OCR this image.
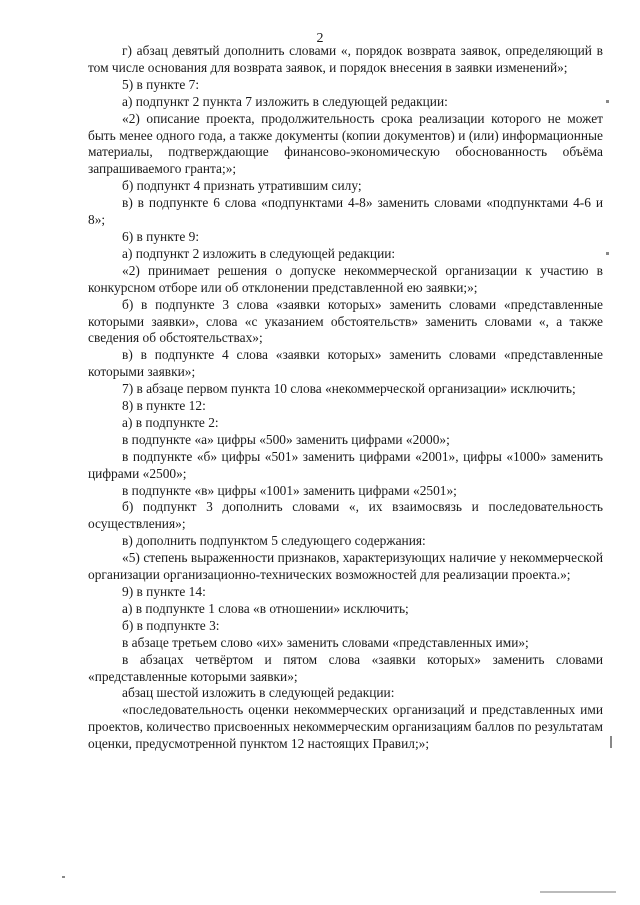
2

г) абзац девятый дополнить словами «, порядок возврата заявок, определяющий в том числе основания для возврата заявок, и порядок внесения в заявки изменений»;

5) в пункте 7:

а) подпункт 2 пункта 7 изложить в следующей редакции:

«2) описание проекта, продолжительность срока реализации которого не может быть менее одного года, а также документы (копии документов) и (или) информационные материалы, подтверждающие финансово-экономическую обоснованность объёма запрашиваемого гранта;»;

б) подпункт 4 признать утратившим силу;

в) в подпункте 6 слова «подпунктами 4-8» заменить словами «подпунктами 4-6 и 8»;

6) в пункте 9:

а) подпункт 2 изложить в следующей редакции:

«2) принимает решения о допуске некоммерческой организации к участию в конкурсном отборе или об отклонении представленной ею заявки;»;

б) в подпункте 3 слова «заявки которых» заменить словами «представленные которыми заявки», слова «с указанием обстоятельств» заменить словами «, а также сведения об обстоятельствах»;

в) в подпункте 4 слова «заявки которых» заменить словами «представленные которыми заявки»;

7) в абзаце первом пункта 10 слова «некоммерческой организации» исключить;

8) в пункте 12:

а) в подпункте 2:

в подпункте «а» цифры «500» заменить цифрами «2000»;

в подпункте «б» цифры «501» заменить цифрами «2001», цифры «1000» заменить цифрами «2500»;

в подпункте «в» цифры «1001» заменить цифрами «2501»;

б) подпункт 3 дополнить словами «, их взаимосвязь и последовательность осуществления»;

в) дополнить подпунктом 5 следующего содержания:

«5) степень выраженности признаков, характеризующих наличие у некоммерческой организации организационно-технических возможностей для реализации проекта.»;

9) в пункте 14:

а) в подпункте 1 слова «в отношении» исключить;

б) в подпункте 3:

в абзаце третьем слово «их» заменить словами «представленных ими»;

в абзацах четвёртом и пятом слова «заявки которых» заменить словами «представленные которыми заявки»;

абзац шестой изложить в следующей редакции:

«последовательность оценки некоммерческих организаций и представленных ими проектов, количество присвоенных некоммерческим организациям баллов по результатам оценки, предусмотренной пунктом 12 настоящих Правил;»;
